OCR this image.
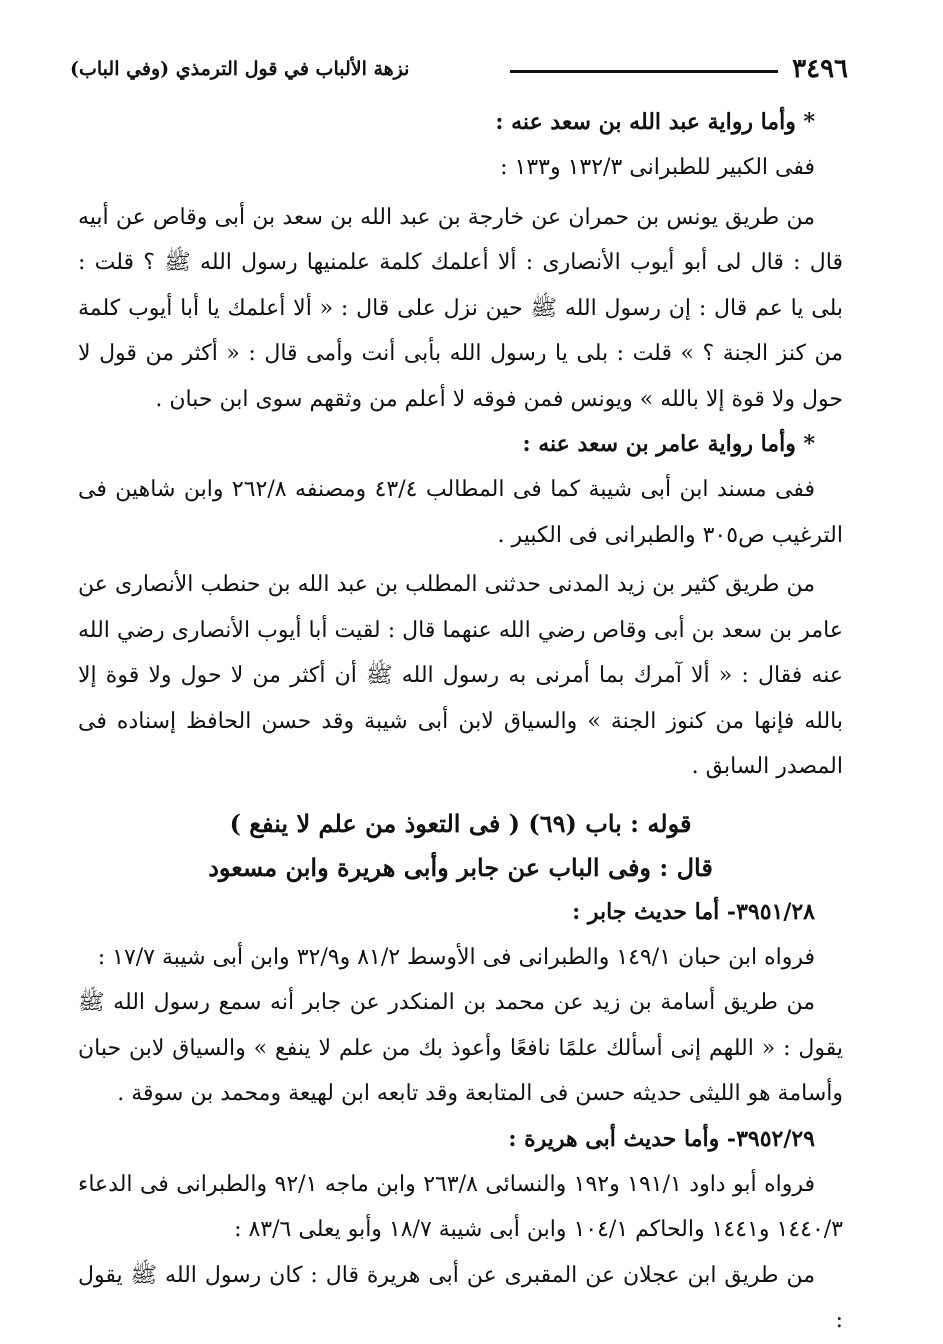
٣٤٩٦
نزهة الألباب في قول الترمذي (وفي الباب)

* وأما رواية عبد الله بن سعد عنه :

ففى الكبير للطبرانى ١٣٢/٣ و١٣٣ :

من طريق يونس بن حمران عن خارجة بن عبد الله بن سعد بن أبى وقاص عن أبيه قال : قال لى أبو أيوب الأنصارى : ألا أعلمك كلمة علمنيها رسول الله ﷺ ؟ قلت : بلى يا عم قال : إن رسول الله ﷺ حين نزل على قال : « ألا أعلمك يا أبا أيوب كلمة من كنز الجنة ؟ » قلت : بلى يا رسول الله بأبى أنت وأمى قال : « أكثر من قول لا حول ولا قوة إلا بالله » ويونس فمن فوقه لا أعلم من وثقهم سوى ابن حبان .

* وأما رواية عامر بن سعد عنه :

ففى مسند ابن أبى شيبة كما فى المطالب ٤٣/٤ ومصنفه ٢٦٢/٨ وابن شاهين فى الترغيب ص٣٠٥ والطبرانى فى الكبير .

من طريق كثير بن زيد المدنى حدثنى المطلب بن عبد الله بن حنطب الأنصارى عن عامر بن سعد بن أبى وقاص رضي الله عنهما قال : لقيت أبا أيوب الأنصارى رضي الله عنه فقال : « ألا آمرك بما أمرنى به رسول الله ﷺ أن أكثر من لا حول ولا قوة إلا بالله فإنها من كنوز الجنة » والسياق لابن أبى شيبة وقد حسن الحافظ إسناده فى المصدر السابق .

قوله : باب (٦٩) ( فى التعوذ من علم لا ينفع )

قال : وفى الباب عن جابر وأبى هريرة وابن مسعود

٣٩٥١/٢٨- أما حديث جابر :

فرواه ابن حبان ١٤٩/١ والطبرانى فى الأوسط ٨١/٢ و٣٢/٩ وابن أبى شيبة ١٧/٧ :

من طريق أسامة بن زيد عن محمد بن المنكدر عن جابر أنه سمع رسول الله ﷺ يقول : « اللهم إنى أسألك علمًا نافعًا وأعوذ بك من علم لا ينفع » والسياق لابن حبان وأسامة هو الليثى حديثه حسن فى المتابعة وقد تابعه ابن لهيعة ومحمد بن سوقة .

٣٩٥٢/٢٩- وأما حديث أبى هريرة :

فرواه أبو داود ١٩١/١ و١٩٢ والنسائى ٢٦٣/٨ وابن ماجه ٩٢/١ والطبرانى فى الدعاء ١٤٤٠/٣ و١٤٤١ والحاكم ١٠٤/١ وابن أبى شيبة ١٨/٧ وأبو يعلى ٨٣/٦ :

من طريق ابن عجلان عن المقبرى عن أبى هريرة قال : كان رسول الله ﷺ يقول :
